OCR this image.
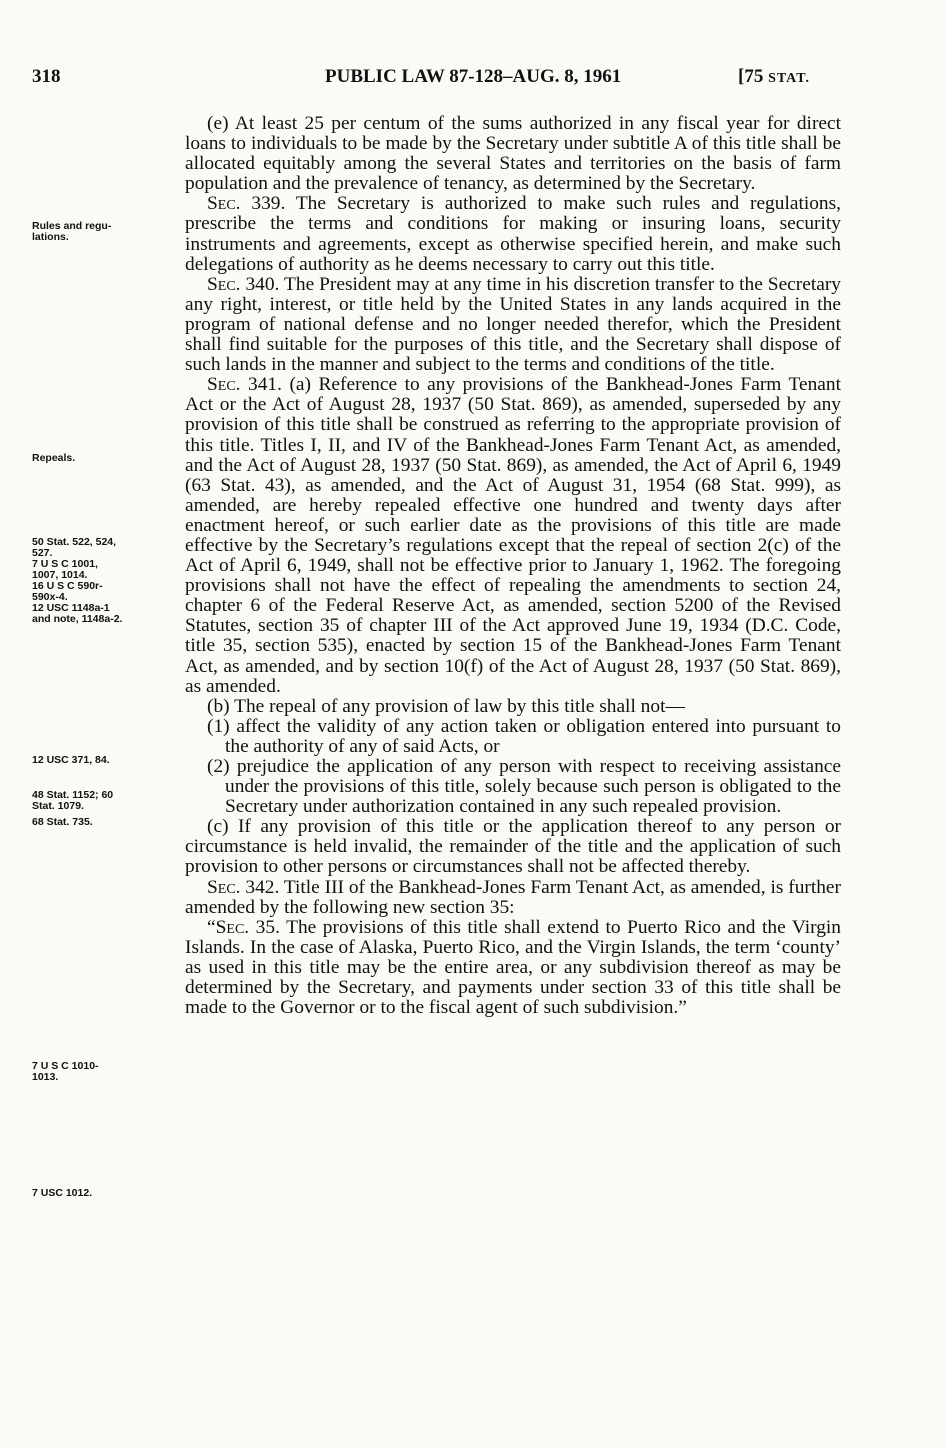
318	PUBLIC LAW 87-128–AUG. 8, 1961	[75 STAT.
Rules and regu-
lations.
Repeals.
50 Stat. 522, 524,
527.
7 U S C 1001,
1007, 1014.
16 U S C 590r-
590x-4.
12 USC 1148a-1
and note, 1148a-2.
12 USC 371, 84.
48 Stat. 1152; 60
Stat. 1079.
68 Stat. 735.
7 U S C 1010-
1013.
7 USC 1012.

(e) At least 25 per centum of the sums authorized in any fiscal year for direct loans to individuals to be made by the Secretary under subtitle A of this title shall be allocated equitably among the several States and territories on the basis of farm population and the prevalence of tenancy, as determined by the Secretary.

Sec. 339. The Secretary is authorized to make such rules and regulations, prescribe the terms and conditions for making or insuring loans, security instruments and agreements, except as otherwise specified herein, and make such delegations of authority as he deems necessary to carry out this title.

Sec. 340. The President may at any time in his discretion transfer to the Secretary any right, interest, or title held by the United States in any lands acquired in the program of national defense and no longer needed therefor, which the President shall find suitable for the purposes of this title, and the Secretary shall dispose of such lands in the manner and subject to the terms and conditions of the title.

Sec. 341. (a) Reference to any provisions of the Bankhead-Jones Farm Tenant Act or the Act of August 28, 1937 (50 Stat. 869), as amended, superseded by any provision of this title shall be construed as referring to the appropriate provision of this title. Titles I, II, and IV of the Bankhead-Jones Farm Tenant Act, as amended, and the Act of August 28, 1937 (50 Stat. 869), as amended, the Act of April 6, 1949 (63 Stat. 43), as amended, and the Act of August 31, 1954 (68 Stat. 999), as amended, are hereby repealed effective one hundred and twenty days after enactment hereof, or such earlier date as the provisions of this title are made effective by the Secretary’s regulations except that the repeal of section 2(c) of the Act of April 6, 1949, shall not be effective prior to January 1, 1962. The foregoing provisions shall not have the effect of repealing the amendments to section 24, chapter 6 of the Federal Reserve Act, as amended, section 5200 of the Revised Statutes, section 35 of chapter III of the Act approved June 19, 1934 (D.C. Code, title 35, section 535), enacted by section 15 of the Bankhead-Jones Farm Tenant Act, as amended, and by section 10(f) of the Act of August 28, 1937 (50 Stat. 869), as amended.

(b) The repeal of any provision of law by this title shall not—

(1) affect the validity of any action taken or obligation entered into pursuant to the authority of any of said Acts, or

(2) prejudice the application of any person with respect to receiving assistance under the provisions of this title, solely because such person is obligated to the Secretary under authorization contained in any such repealed provision.

(c) If any provision of this title or the application thereof to any person or circumstance is held invalid, the remainder of the title and the application of such provision to other persons or circumstances shall not be affected thereby.

Sec. 342. Title III of the Bankhead-Jones Farm Tenant Act, as amended, is further amended by the following new section 35:

“Sec. 35. The provisions of this title shall extend to Puerto Rico and the Virgin Islands. In the case of Alaska, Puerto Rico, and the Virgin Islands, the term ‘county’ as used in this title may be the entire area, or any subdivision thereof as may be determined by the Secretary, and payments under section 33 of this title shall be made to the Governor or to the fiscal agent of such subdivision.”
